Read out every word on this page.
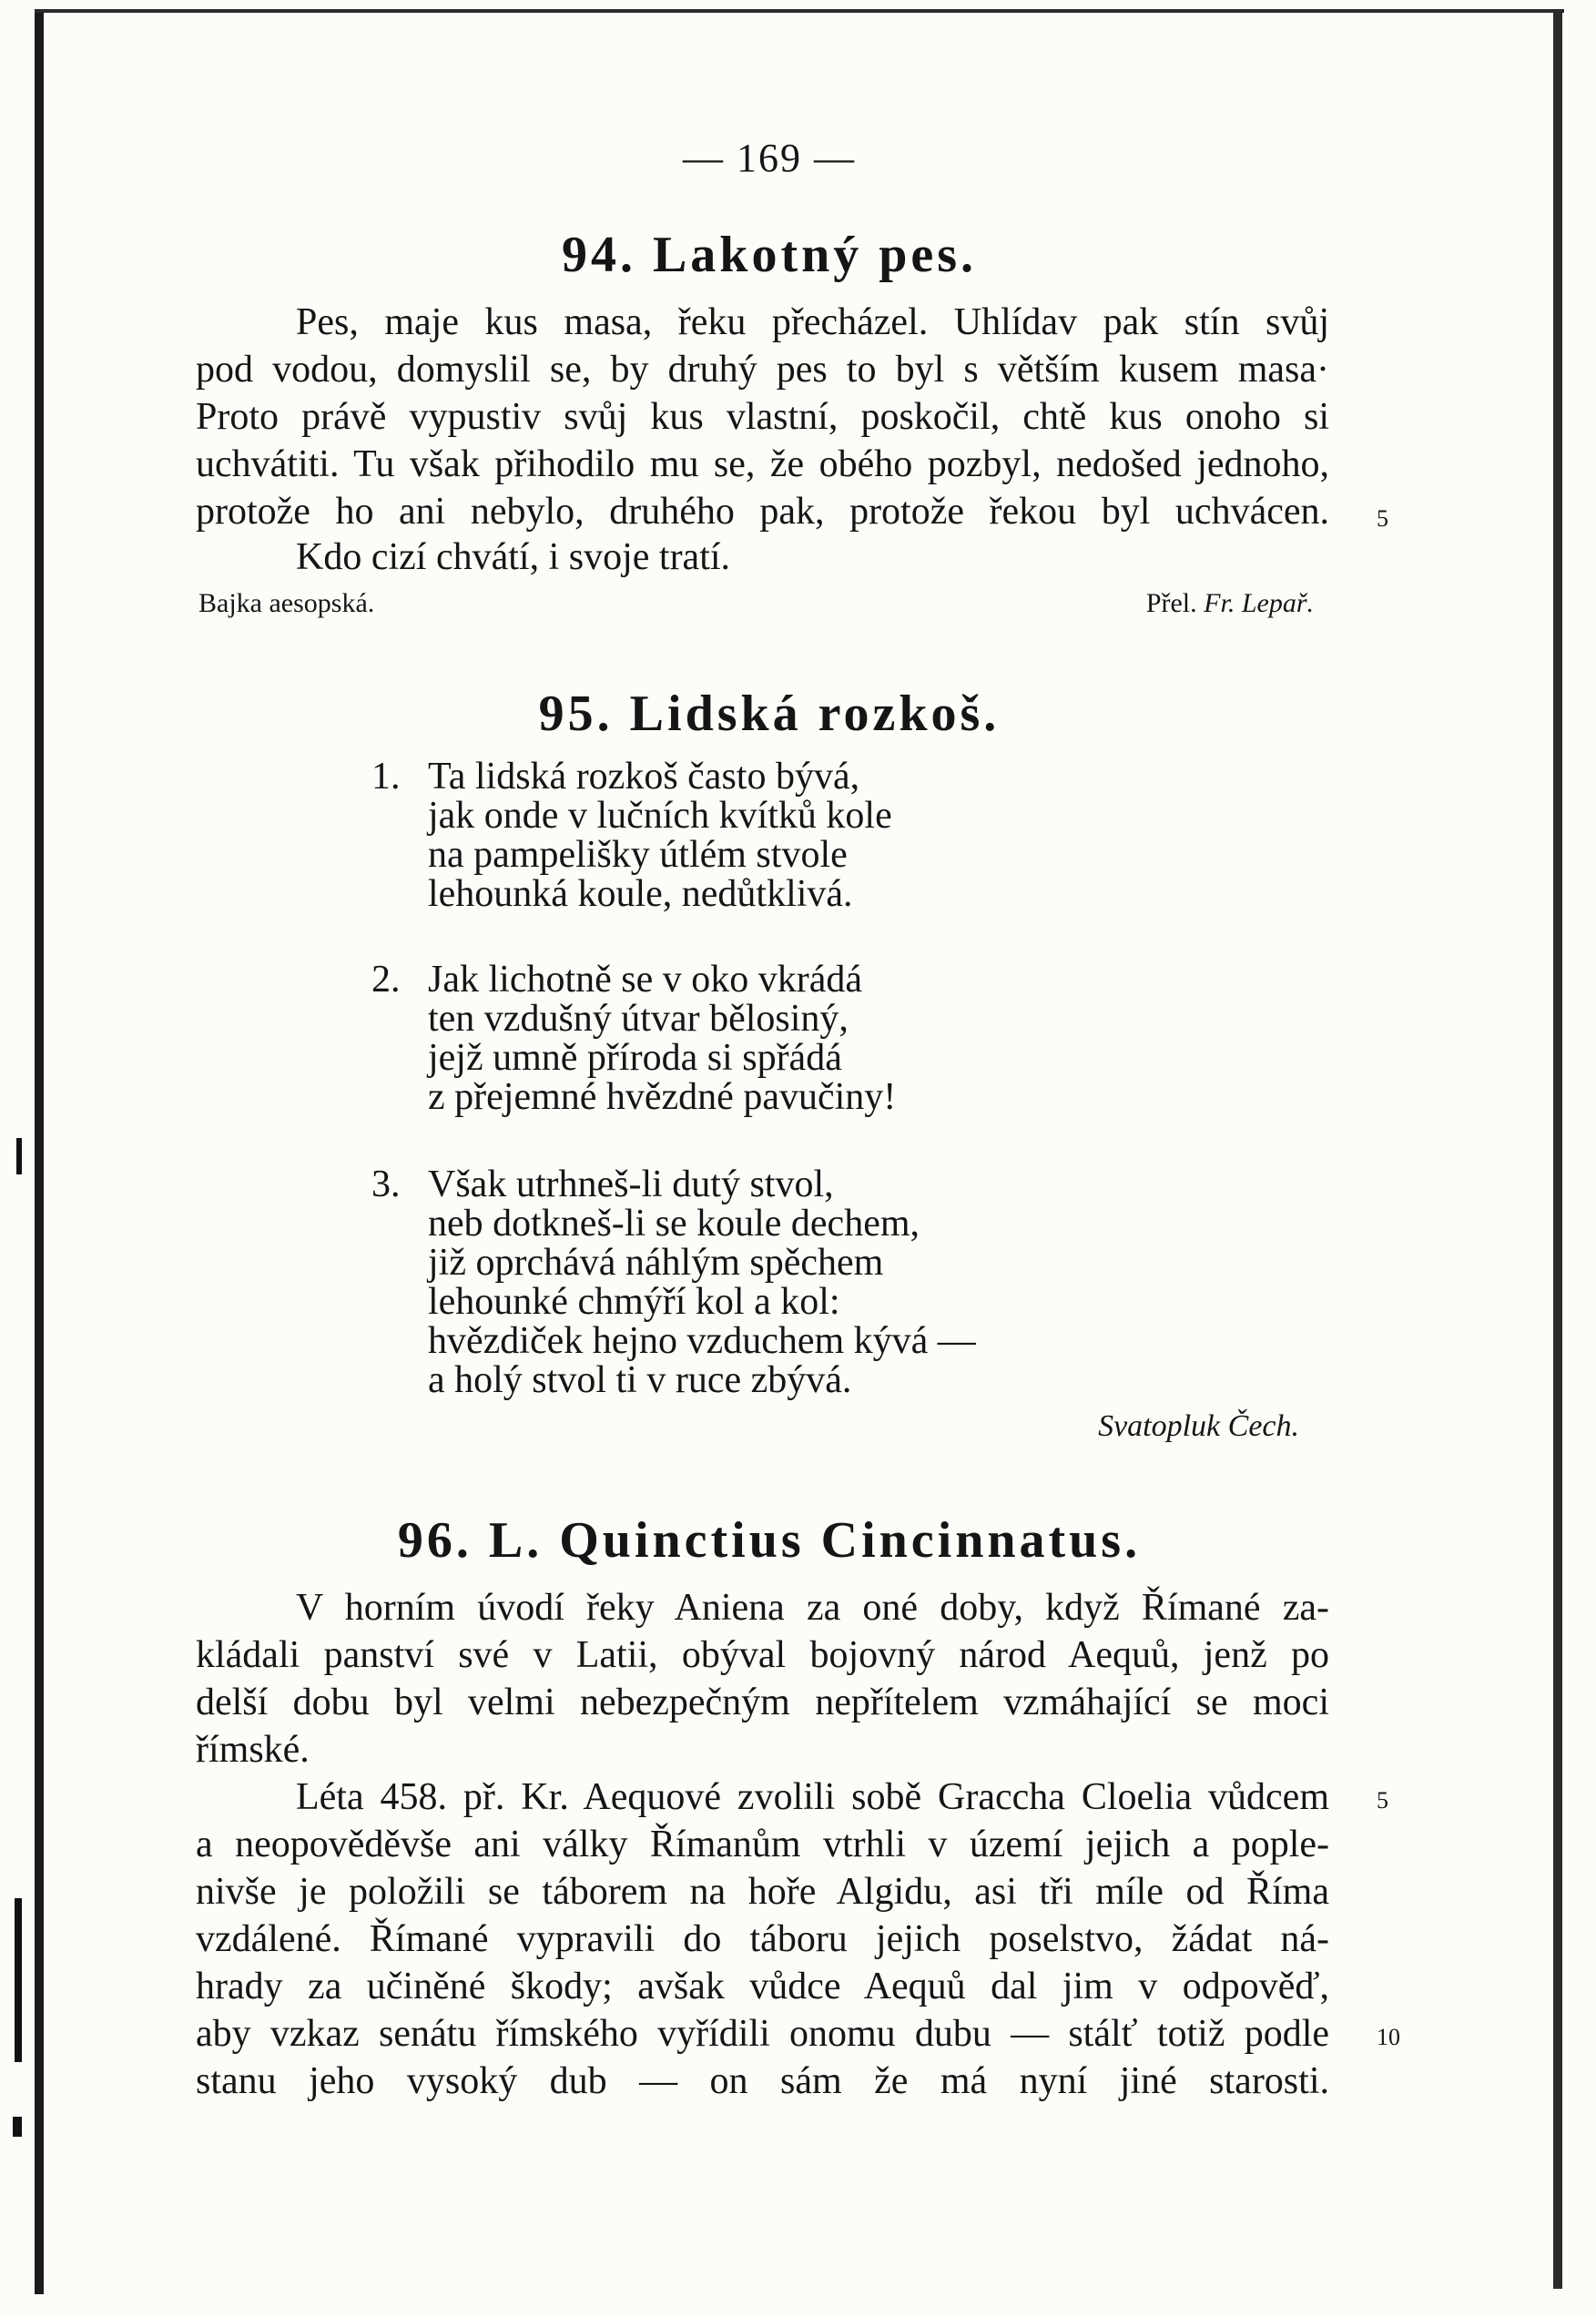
— 169 —
94. Lakotný pes.
Pes, maje kus masa, řeku přecházel. Uhlídav pak stín svůj
pod vodou, domyslil se, by druhý pes to byl s větším kusem masa·
Proto právě vypustiv svůj kus vlastní, poskočil, chtě kus onoho si
uchvátiti. Tu však přihodilo mu se, že obého pozbyl, nedošed jednoho,
protože ho ani nebylo, druhého pak, protože řekou byl uchvácen. 5
Kdo cizí chvátí, i svoje tratí.
Bajka aesopská.	Přel. Fr. Lepař.
95. Lidská rozkoš.
1. Ta lidská rozkoš často bývá,
jak onde v lučních kvítků kole
na pampelišky útlém stvole
lehounká koule, nedůtklivá.
2. Jak lichotně se v oko vkrádá
ten vzdušný útvar bělosiný,
jejž umně příroda si spřádá
z přejemné hvězdné pavučiny!
3. Však utrhneš-li dutý stvol,
neb dotkneš-li se koule dechem,
již oprchává náhlým spěchem
lehounké chmýří kol a kol:
hvězdiček hejno vzduchem kývá —
a holý stvol ti v ruce zbývá.
Svatopluk Čech.
96. L. Quinctius Cincinnatus.
V horním úvodí řeky Aniena za oné doby, když Římané za-
kládali panství své v Latii, obýval bojovný národ Aequů, jenž po
delší dobu byl velmi nebezpečným nepřítelem vzmáhající se moci
římské.
Léta 458. př. Kr. Aequové zvolili sobě Graccha Cloelia vůdcem
a neopověděvše ani války Římanům vtrhli v území jejich a pople-
nivše je položili se táborem na hoře Algidu, asi tři míle od Říma
vzdálené. Římané vypravili do táboru jejich poselstvo, žádat ná-
hrady za učiněné škody; avšak vůdce Aequů dal jim v odpověď,
aby vzkaz senátu římského vyřídili onomu dubu — stálť totiž podle
stanu jeho vysoký dub — on sám že má nyní jiné starosti.
5
10
